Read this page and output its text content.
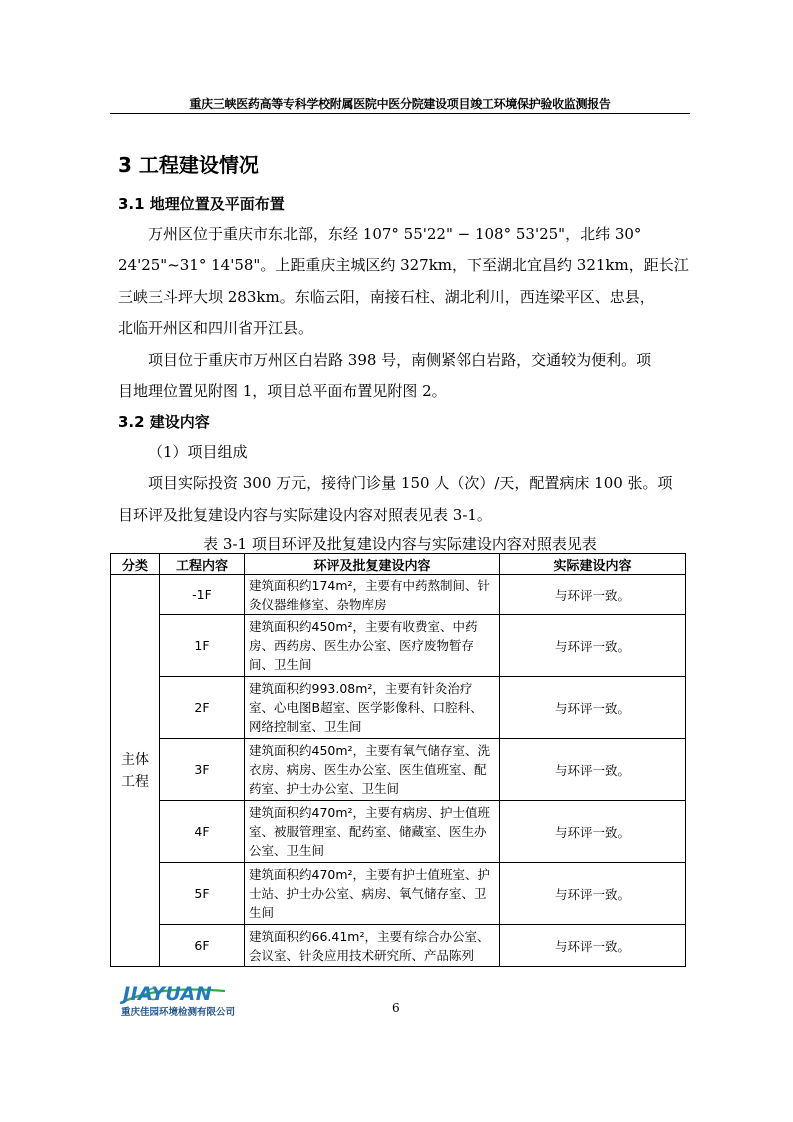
重庆三峡医药高等专科学校附属医院中医分院建设项目竣工环境保护验收监测报告
3 工程建设情况
3.1 地理位置及平面布置
万州区位于重庆市东北部，东经 107° 55'22" − 108° 53'25"，北纬 30°
24'25"~31° 14'58"。上距重庆主城区约 327km，下至湖北宜昌约 321km，距长江
三峡三斗坪大坝 283km。东临云阳，南接石柱、湖北利川，西连梁平区、忠县，
北临开州区和四川省开江县。
项目位于重庆市万州区白岩路 398 号，南侧紧邻白岩路，交通较为便利。项
目地理位置见附图 1，项目总平面布置见附图 2。
3.2 建设内容
（1）项目组成
项目实际投资 300 万元，接待门诊量 150 人（次）/天，配置病床 100 张。项
目环评及批复建设内容与实际建设内容对照表见表 3-1。
表 3-1 项目环评及批复建设内容与实际建设内容对照表见表
分类	工程内容	环评及批复建设内容	实际建设内容
主体工程	-1F	建筑面积约174m²，主要有中药熬制间、针灸仪器维修室、杂物库房	与环评一致。
	1F	建筑面积约450m²，主要有收费室、中药房、西药房、医生办公室、医疗废物暂存间、卫生间	与环评一致。
	2F	建筑面积约993.08m²，主要有针灸治疗室、心电图B超室、医学影像科、口腔科、网络控制室、卫生间	与环评一致。
	3F	建筑面积约450m²，主要有氧气储存室、洗衣房、病房、医生办公室、医生值班室、配药室、护士办公室、卫生间	与环评一致。
	4F	建筑面积约470m²，主要有病房、护士值班室、被服管理室、配药室、储藏室、医生办公室、卫生间	与环评一致。
	5F	建筑面积约470m²，主要有护士值班室、护士站、护士办公室、病房、氧气储存室、卫生间	与环评一致。
	6F	建筑面积约66.41m²，主要有综合办公室、会议室、针灸应用技术研究所、产品陈列	与环评一致。
JIAYUAN
重庆佳园环境检测有限公司	6
